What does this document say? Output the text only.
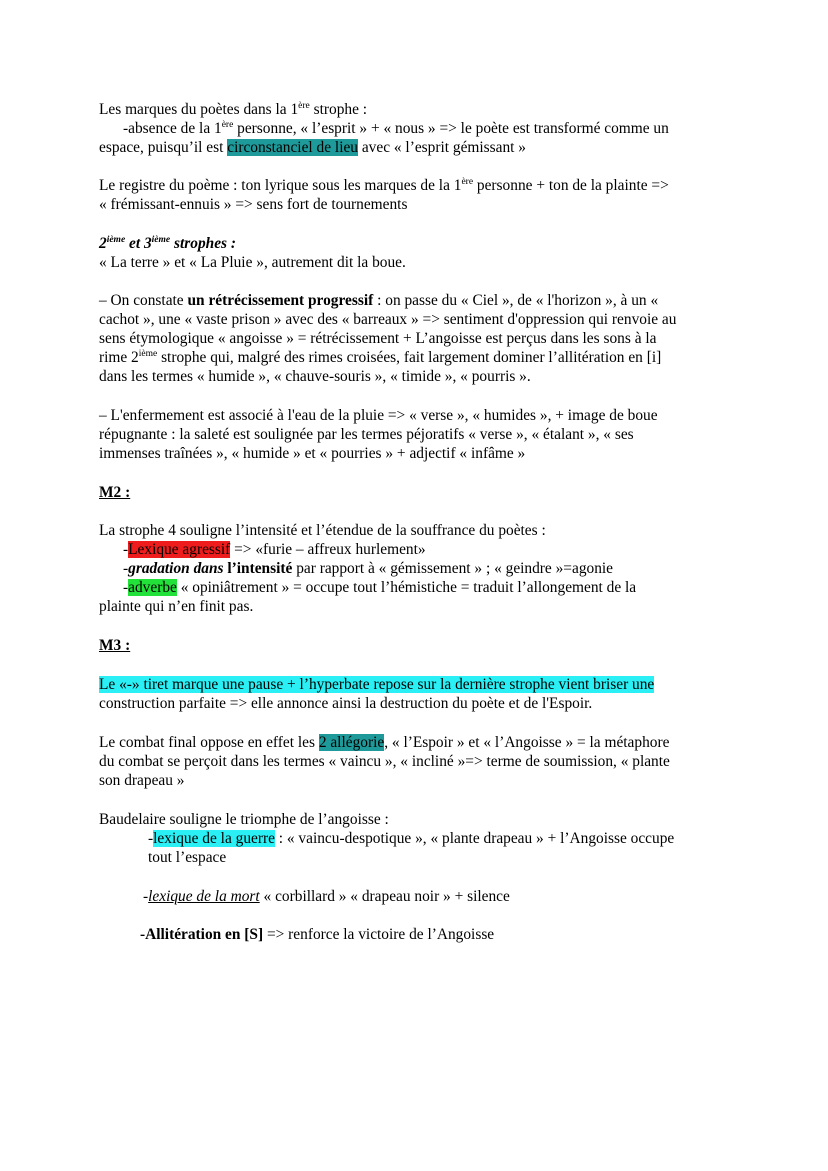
Les marques du poètes dans la 1ère strophe :
-absence de la 1ère personne, « l’esprit » + « nous » => le poète est transformé comme un
espace, puisqu’il est circonstanciel de lieu avec « l’esprit gémissant »
Le registre du poème : ton lyrique sous les marques de la 1ère personne + ton de la plainte =>
« frémissant-ennuis » => sens fort de tournements
2ième et 3ième strophes :
« La terre » et « La Pluie », autrement dit la boue.
– On constate un rétrécissement progressif : on passe du « Ciel », de « l'horizon », à un «
cachot », une « vaste prison » avec des « barreaux » => sentiment d'oppression qui renvoie au
sens étymologique « angoisse » = rétrécissement + L’angoisse est perçus dans les sons à la
rime 2ième strophe qui, malgré des rimes croisées, fait largement dominer l’allitération en [i]
dans les termes « humide », « chauve-souris », « timide », « pourris ».
– L'enfermement est associé à l'eau de la pluie => « verse », « humides », + image de boue
répugnante : la saleté est soulignée par les termes péjoratifs « verse », « étalant », « ses
immenses traînées », « humide » et « pourries » + adjectif « infâme »
M2 :
La strophe 4 souligne l’intensité et l’étendue de la souffrance du poètes :
-Lexique agressif => «furie – affreux hurlement»
-gradation dans l’intensité par rapport à « gémissement » ; « geindre »=agonie
-adverbe « opiniâtrement » = occupe tout l’hémistiche = traduit l’allongement de la
plainte qui n’en finit pas.
M3 :
Le «-» tiret marque une pause + l’hyperbate repose sur la dernière strophe vient briser une
construction parfaite => elle annonce ainsi la destruction du poète et de l'Espoir.
Le combat final oppose en effet les 2 allégorie, « l’Espoir » et « l’Angoisse » = la métaphore
du combat se perçoit dans les termes « vaincu », « incliné »=> terme de soumission, « plante
son drapeau »
Baudelaire souligne le triomphe de l’angoisse :
-lexique de la guerre : « vaincu-despotique », « plante drapeau » + l’Angoisse occupe
tout l’espace
-lexique de la mort « corbillard » « drapeau noir » + silence
-Allitération en [S] => renforce la victoire de l’Angoisse
